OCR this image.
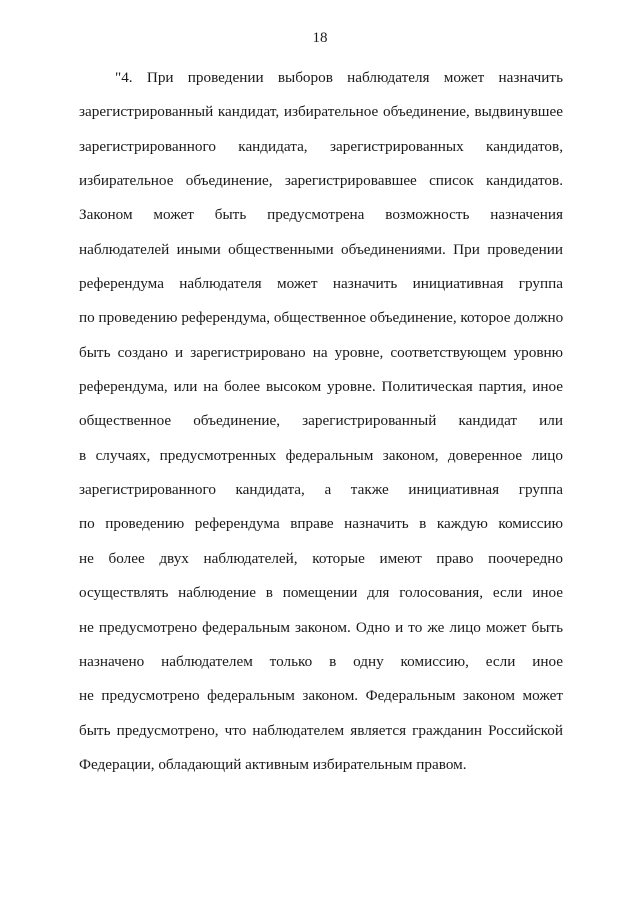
18
"4. При проведении выборов наблюдателя может назначить
зарегистрированный кандидат, избирательное объединение, выдвинувшее
зарегистрированного кандидата, зарегистрированных кандидатов,
избирательное объединение, зарегистрировавшее список кандидатов.
Законом может быть предусмотрена возможность назначения
наблюдателей иными общественными объединениями. При проведении
референдума наблюдателя может назначить инициативная группа
по проведению референдума, общественное объединение, которое должно
быть создано и зарегистрировано на уровне, соответствующем уровню
референдума, или на более высоком уровне. Политическая партия, иное
общественное объединение, зарегистрированный кандидат или
в случаях, предусмотренных федеральным законом, доверенное лицо
зарегистрированного кандидата, а также инициативная группа
по проведению референдума вправе назначить в каждую комиссию
не более двух наблюдателей, которые имеют право поочередно
осуществлять наблюдение в помещении для голосования, если иное
не предусмотрено федеральным законом. Одно и то же лицо может быть
назначено наблюдателем только в одну комиссию, если иное
не предусмотрено федеральным законом. Федеральным законом может
быть предусмотрено, что наблюдателем является гражданин Российской
Федерации, обладающий активным избирательным правом.
